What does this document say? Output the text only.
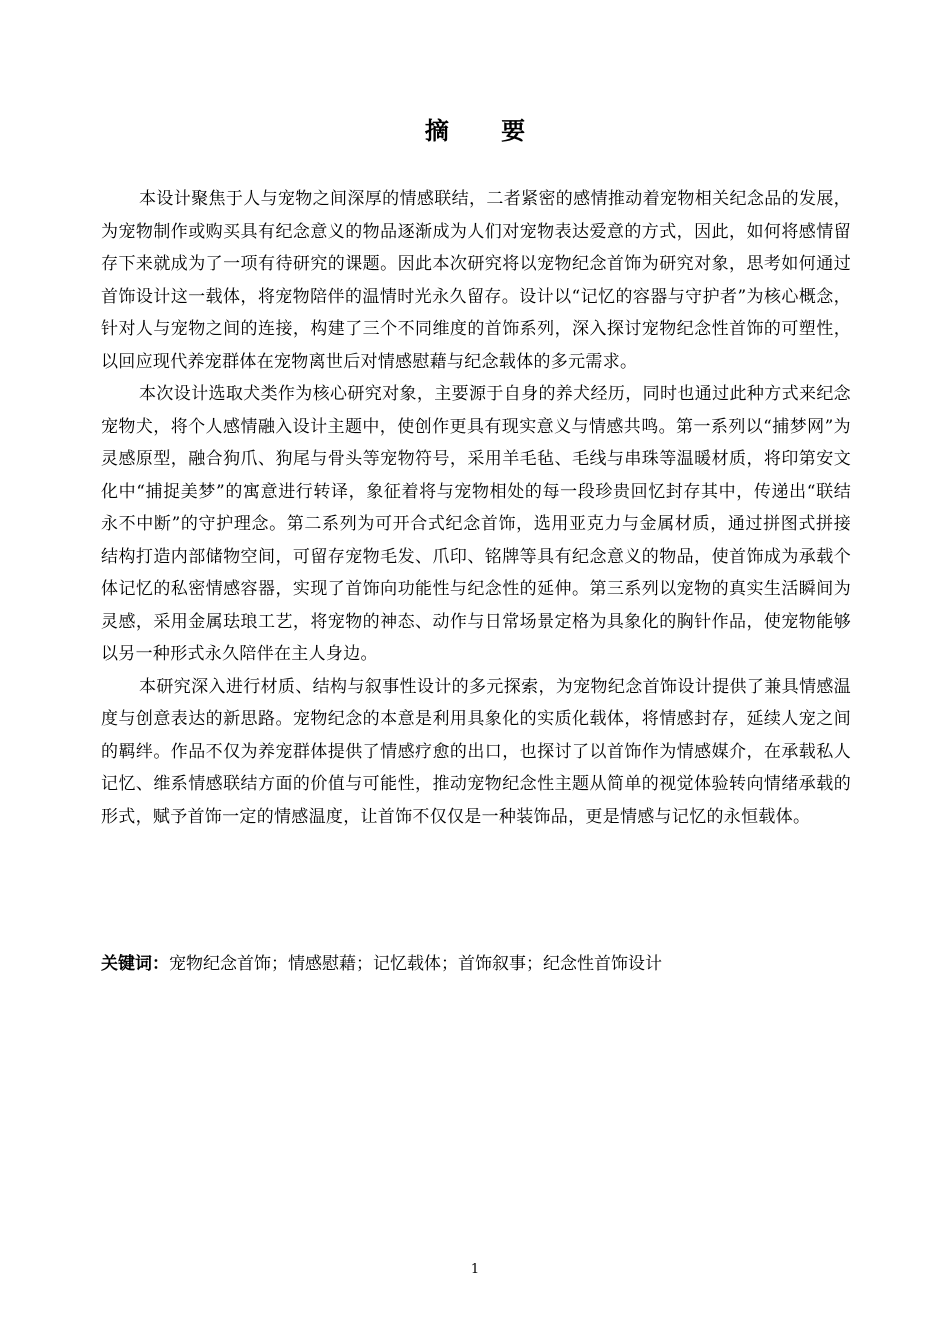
摘 要

本设计聚焦于人与宠物之间深厚的情感联结，二者紧密的感情推动着宠物相关纪念品的发展，为宠物制作或购买具有纪念意义的物品逐渐成为人们对宠物表达爱意的方式，因此，如何将感情留存下来就成为了一项有待研究的课题。因此本次研究将以宠物纪念首饰为研究对象，思考如何通过首饰设计这一载体，将宠物陪伴的温情时光永久留存。设计以“记忆的容器与守护者”为核心概念，针对人与宠物之间的连接，构建了三个不同维度的首饰系列，深入探讨宠物纪念性首饰的可塑性，以回应现代养宠群体在宠物离世后对情感慰藉与纪念载体的多元需求。

本次设计选取犬类作为核心研究对象，主要源于自身的养犬经历，同时也通过此种方式来纪念宠物犬，将个人感情融入设计主题中，使创作更具有现实意义与情感共鸣。第一系列以“捕梦网”为灵感原型，融合狗爪、狗尾与骨头等宠物符号，采用羊毛毡、毛线与串珠等温暖材质，将印第安文化中“捕捉美梦”的寓意进行转译，象征着将与宠物相处的每一段珍贵回忆封存其中，传递出“联结永不中断”的守护理念。第二系列为可开合式纪念首饰，选用亚克力与金属材质，通过拼图式拼接结构打造内部储物空间，可留存宠物毛发、爪印、铭牌等具有纪念意义的物品，使首饰成为承载个体记忆的私密情感容器，实现了首饰向功能性与纪念性的延伸。第三系列以宠物的真实生活瞬间为灵感，采用金属珐琅工艺，将宠物的神态、动作与日常场景定格为具象化的胸针作品，使宠物能够以另一种形式永久陪伴在主人身边。

本研究深入进行材质、结构与叙事性设计的多元探索，为宠物纪念首饰设计提供了兼具情感温度与创意表达的新思路。宠物纪念的本意是利用具象化的实质化载体，将情感封存，延续人宠之间的羁绊。作品不仅为养宠群体提供了情感疗愈的出口，也探讨了以首饰作为情感媒介，在承载私人记忆、维系情感联结方面的价值与可能性，推动宠物纪念性主题从简单的视觉体验转向情绪承载的形式，赋予首饰一定的情感温度，让首饰不仅仅是一种装饰品，更是情感与记忆的永恒载体。

关键词：宠物纪念首饰；情感慰藉；记忆载体；首饰叙事；纪念性首饰设计

1
